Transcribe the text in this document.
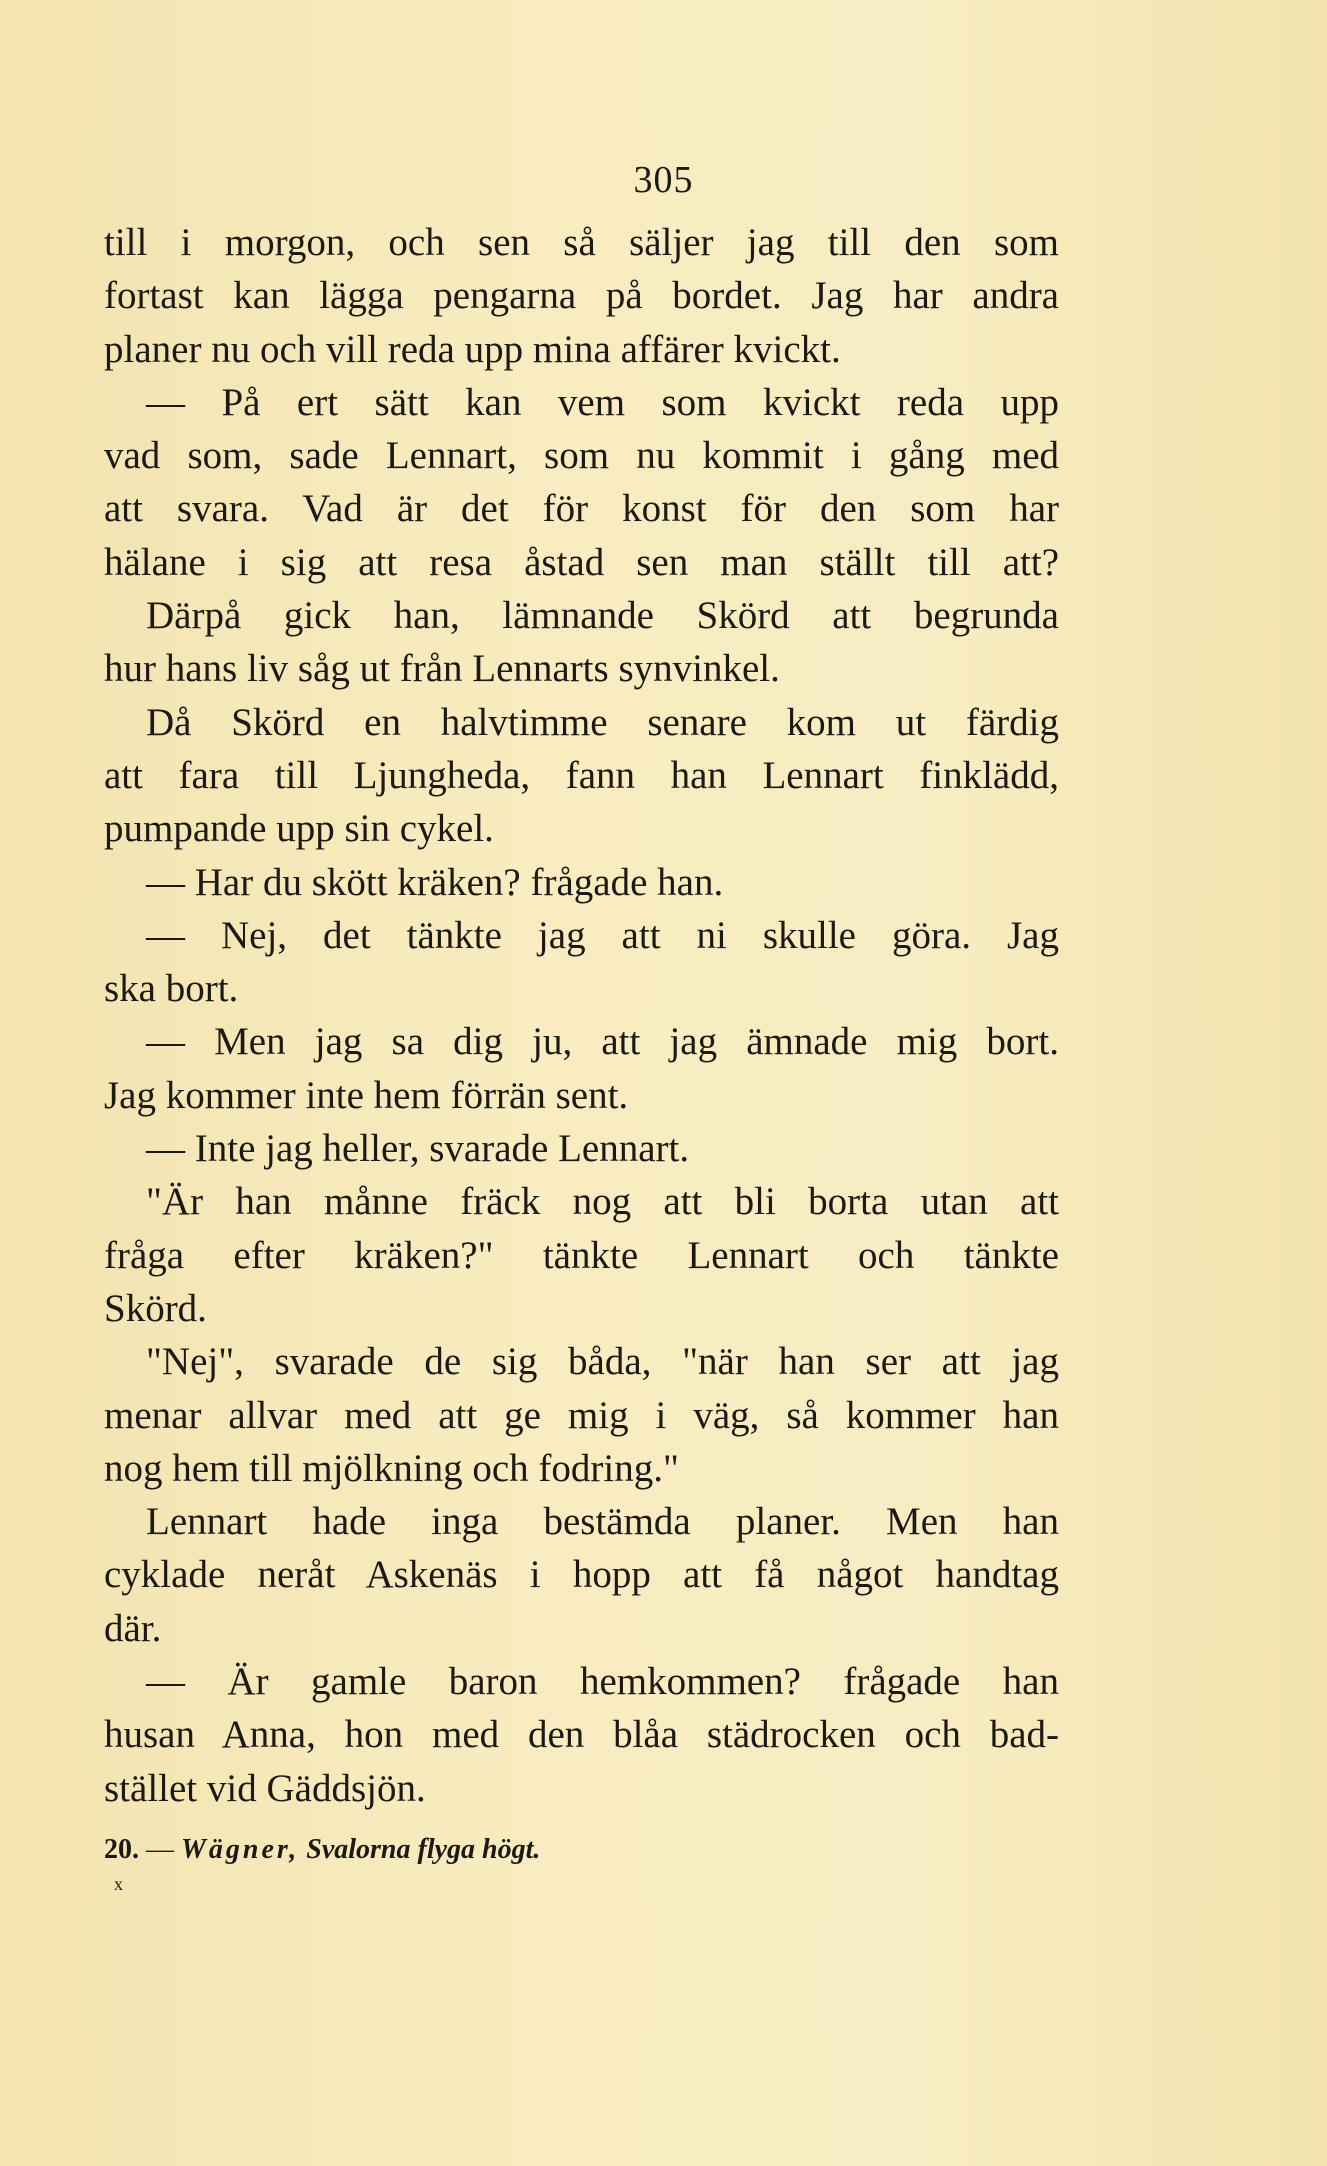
305
till i morgon, och sen så säljer jag till den som
fortast kan lägga pengarna på bordet. Jag har andra
planer nu och vill reda upp mina affärer kvickt.
— På ert sätt kan vem som kvickt reda upp
vad som, sade Lennart, som nu kommit i gång med
att svara. Vad är det för konst för den som har
hälane i sig att resa åstad sen man ställt till att?
Därpå gick han, lämnande Skörd att begrunda
hur hans liv såg ut från Lennarts synvinkel.
Då Skörd en halvtimme senare kom ut färdig
att fara till Ljungheda, fann han Lennart finklädd,
pumpande upp sin cykel.
— Har du skött kräken? frågade han.
— Nej, det tänkte jag att ni skulle göra. Jag
ska bort.
— Men jag sa dig ju, att jag ämnade mig bort.
Jag kommer inte hem förrän sent.
— Inte jag heller, svarade Lennart.
"Är han månne fräck nog att bli borta utan att
fråga efter kräken?" tänkte Lennart och tänkte
Skörd.
"Nej", svarade de sig båda, "när han ser att jag
menar allvar med att ge mig i väg, så kommer han
nog hem till mjölkning och fodring."
Lennart hade inga bestämda planer. Men han
cyklade neråt Askenäs i hopp att få något handtag
där.
— Är gamle baron hemkommen? frågade han
husan Anna, hon med den blåa städrocken och bad-
stället vid Gäddsjön.
20. — Wägner, Svalorna flyga högt.
x
